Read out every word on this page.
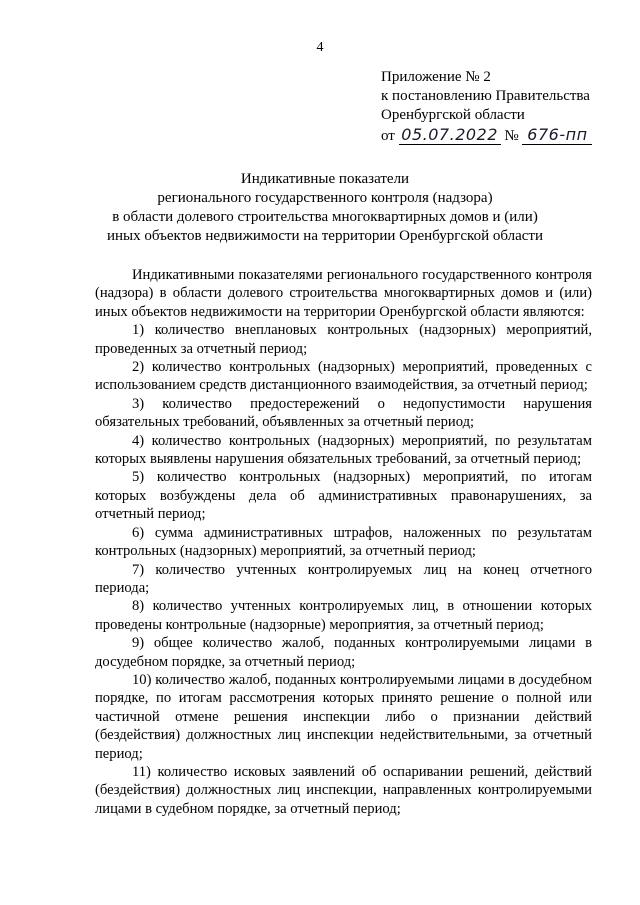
4
Приложение № 2
к постановлению Правительства
Оренбургской области
от 05.07.2022 № 676-пп
Индикативные показатели
регионального государственного контроля (надзора)
в области долевого строительства многоквартирных домов и (или)
иных объектов недвижимости на территории Оренбургской области

Индикативными показателями регионального государственного контроля (надзора) в области долевого строительства многоквартирных домов и (или) иных объектов недвижимости на территории Оренбургской области являются:

1) количество внеплановых контрольных (надзорных) мероприятий, проведенных за отчетный период;

2) количество контрольных (надзорных) мероприятий, проведенных с использованием средств дистанционного взаимодействия, за отчетный период;

3) количество предостережений о недопустимости нарушения обязательных требований, объявленных за отчетный период;

4) количество контрольных (надзорных) мероприятий, по результатам которых выявлены нарушения обязательных требований, за отчетный период;

5) количество контрольных (надзорных) мероприятий, по итогам которых возбуждены дела об административных правонарушениях, за отчетный период;

6) сумма административных штрафов, наложенных по результатам контрольных (надзорных) мероприятий, за отчетный период;

7) количество учтенных контролируемых лиц на конец отчетного периода;

8) количество учтенных контролируемых лиц, в отношении которых проведены контрольные (надзорные) мероприятия, за отчетный период;

9) общее количество жалоб, поданных контролируемыми лицами в досудебном порядке, за отчетный период;

10) количество жалоб, поданных контролируемыми лицами в досудебном порядке, по итогам рассмотрения которых принято решение о полной или частичной отмене решения инспекции либо о признании действий (бездействия) должностных лиц инспекции недействительными, за отчетный период;

11) количество исковых заявлений об оспаривании решений, действий (бездействия) должностных лиц инспекции, направленных контролируемыми лицами в судебном порядке, за отчетный период;
